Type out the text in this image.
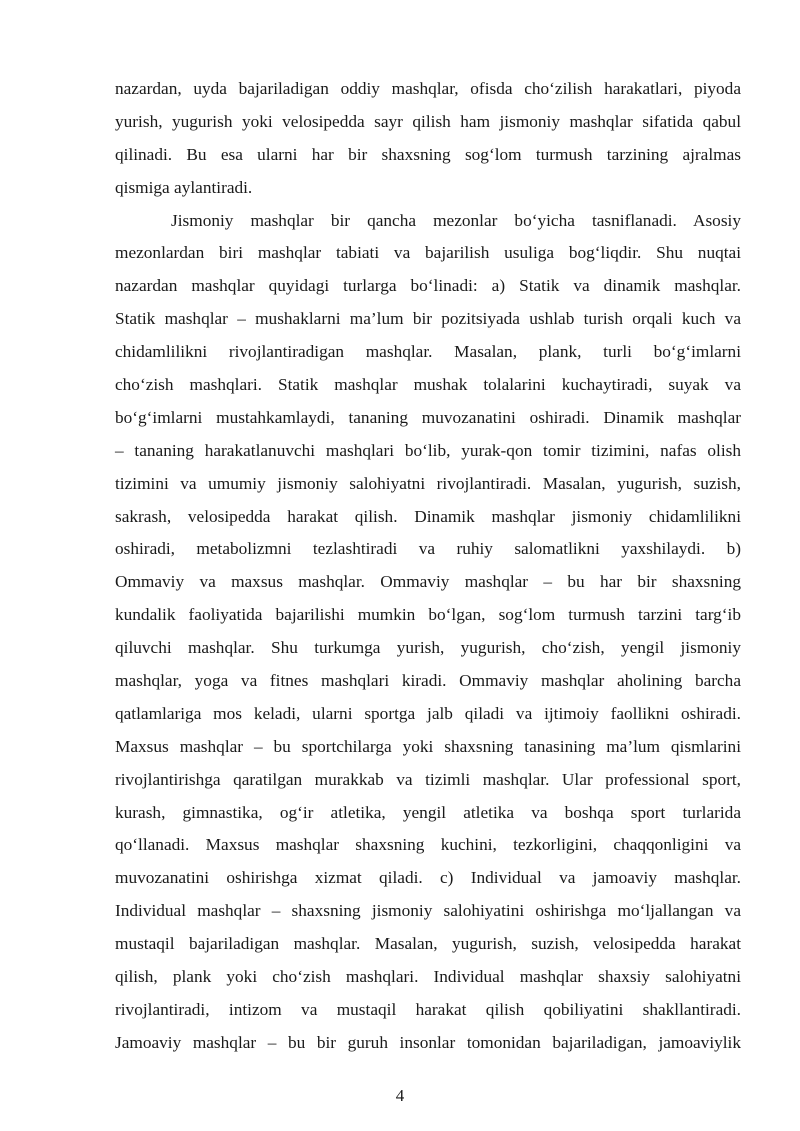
nazardan, uyda bajariladigan oddiy mashqlar, ofisda cho‘zilish harakatlari, piyoda
yurish, yugurish yoki velosipedda sayr qilish ham jismoniy mashqlar sifatida qabul
qilinadi. Bu esa ularni har bir shaxsning sog‘lom turmush tarzining ajralmas
qismiga aylantiradi.
Jismoniy mashqlar bir qancha mezonlar bo‘yicha tasniflanadi. Asosiy
mezonlardan biri mashqlar tabiati va bajarilish usuliga bog‘liqdir. Shu nuqtai
nazardan mashqlar quyidagi turlarga bo‘linadi: a) Statik va dinamik mashqlar.
Statik mashqlar – mushaklarni ma’lum bir pozitsiyada ushlab turish orqali kuch va
chidamlilikni rivojlantiradigan mashqlar. Masalan, plank, turli bo‘g‘imlarni
cho‘zish mashqlari. Statik mashqlar mushak tolalarini kuchaytiradi, suyak va
bo‘g‘imlarni mustahkamlaydi, tananing muvozanatini oshiradi. Dinamik mashqlar
– tananing harakatlanuvchi mashqlari bo‘lib, yurak-qon tomir tizimini, nafas olish
tizimini va umumiy jismoniy salohiyatni rivojlantiradi. Masalan, yugurish, suzish,
sakrash, velosipedda harakat qilish. Dinamik mashqlar jismoniy chidamlilikni
oshiradi, metabolizmni tezlashtiradi va ruhiy salomatlikni yaxshilaydi. b)
Ommaviy va maxsus mashqlar. Ommaviy mashqlar – bu har bir shaxsning
kundalik faoliyatida bajarilishi mumkin bo‘lgan, sog‘lom turmush tarzini targ‘ib
qiluvchi mashqlar. Shu turkumga yurish, yugurish, cho‘zish, yengil jismoniy
mashqlar, yoga va fitnes mashqlari kiradi. Ommaviy mashqlar aholining barcha
qatlamlariga mos keladi, ularni sportga jalb qiladi va ijtimoiy faollikni oshiradi.
Maxsus mashqlar – bu sportchilarga yoki shaxsning tanasining ma’lum qismlarini
rivojlantirishga qaratilgan murakkab va tizimli mashqlar. Ular professional sport,
kurash, gimnastika, og‘ir atletika, yengil atletika va boshqa sport turlarida
qo‘llanadi. Maxsus mashqlar shaxsning kuchini, tezkorligini, chaqqonligini va
muvozanatini oshirishga xizmat qiladi. c) Individual va jamoaviy mashqlar.
Individual mashqlar – shaxsning jismoniy salohiyatini oshirishga mo‘ljallangan va
mustaqil bajariladigan mashqlar. Masalan, yugurish, suzish, velosipedda harakat
qilish, plank yoki cho‘zish mashqlari. Individual mashqlar shaxsiy salohiyatni
rivojlantiradi, intizom va mustaqil harakat qilish qobiliyatini shakllantiradi.
Jamoaviy mashqlar – bu bir guruh insonlar tomonidan bajariladigan, jamoaviylik
4
